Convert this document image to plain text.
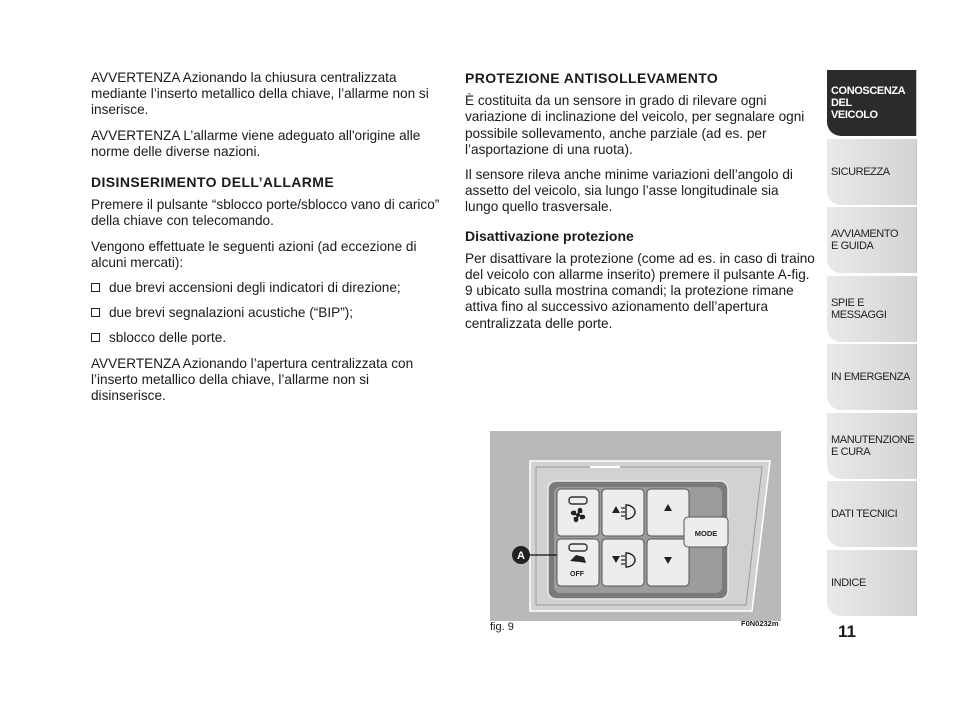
AVVERTENZA Azionando la chiusura centralizzata mediante l’inserto metallico della chiave, l’allarme non si inserisce.

AVVERTENZA L’allarme viene adeguato all'origine alle norme delle diverse nazioni.

DISINSERIMENTO DELL’ALLARME

Premere il pulsante “sblocco porte/sblocco vano di carico” della chiave con telecomando.

Vengono effettuate le seguenti azioni (ad eccezione di alcuni mercati):

due brevi accensioni degli indicatori di direzione;
due brevi segnalazioni acustiche (“BIP”);
sblocco delle porte.

AVVERTENZA Azionando l’apertura centralizzata con l’inserto metallico della chiave, l’allarme non si disinserisce.

PROTEZIONE ANTISOLLEVAMENTO

È costituita da un sensore in grado di rilevare ogni variazione di inclinazione del veicolo, per segnalare ogni possibile sollevamento, anche parziale (ad es. per l’asportazione di una ruota).

Il sensore rileva anche minime variazioni dell’angolo di assetto del veicolo, sia lungo l’asse longitudinale sia lungo quello trasversale.

Disattivazione protezione

Per disattivare la protezione (come ad es. in caso di traino del veicolo con allarme inserito) premere il pulsante A-fig. 9 ubicato sulla mostrina comandi; la protezione rimane attiva fino al successivo azionamento dell’apertura centralizzata delle porte.

CONOSCENZA
DEL
VEICOLO
SICUREZZA
AVVIAMENTO
E GUIDA
SPIE E
MESSAGGI
IN EMERGENZA
MANUTENZIONE
E CURA
DATI TECNICI
INDICE
11
OFF
MODE
A
fig. 9	F0N0232m
